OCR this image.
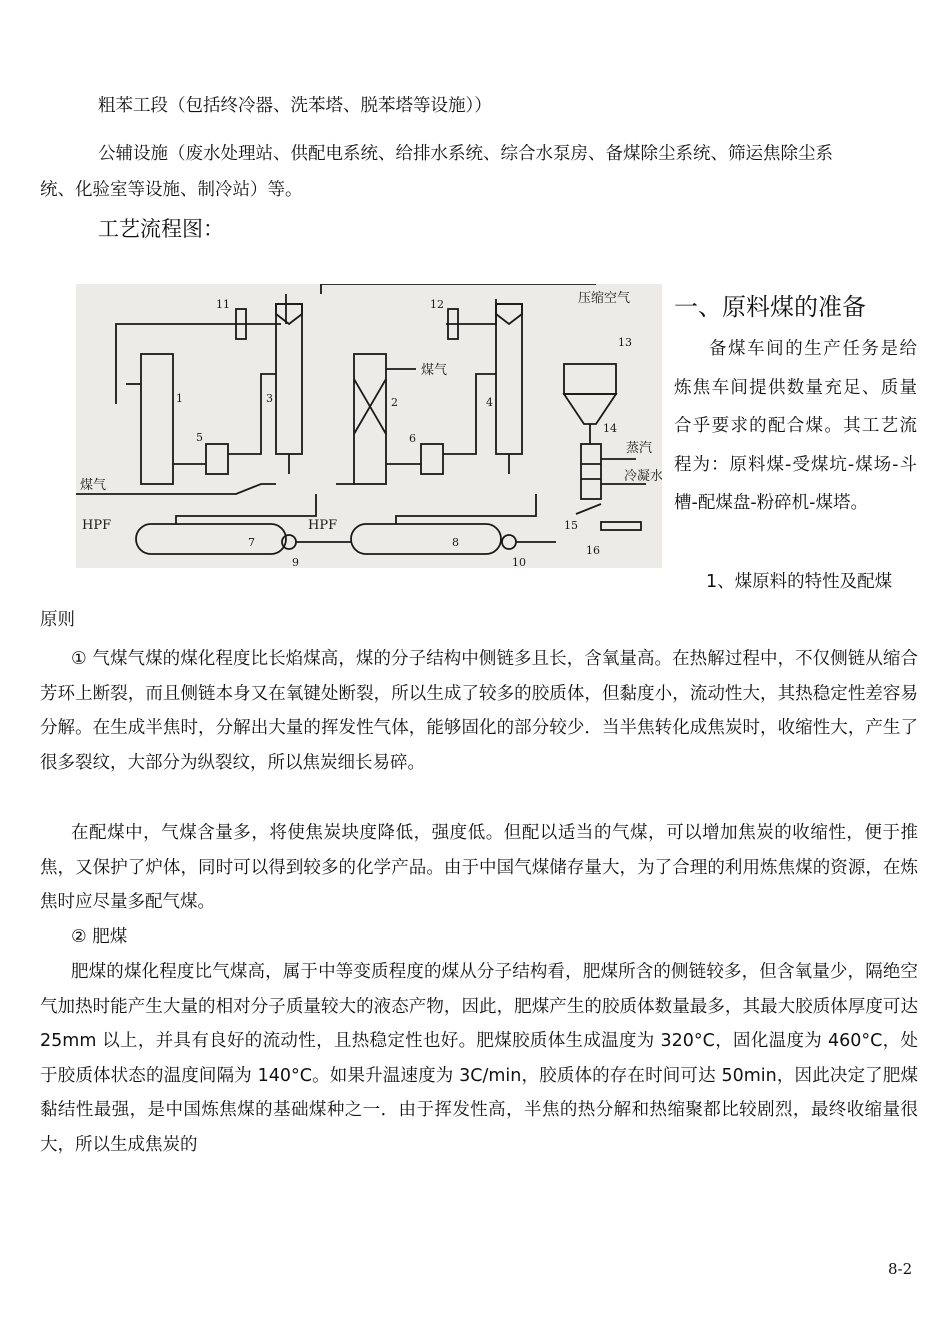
粗苯工段（包括终冷器、洗苯塔、脱苯塔等设施））
公辅设施（废水处理站、供配电系统、给排水系统、综合水泵房、备煤除尘系统、筛运焦除尘系
统、化验室等设施、制冷站）等。
工艺流程图：
压缩空气
煤气
煤气
蒸汽
冷凝水
HPF	HPF
1	2
3	4
5	6
7	8
9	10
11	12
13
14
15
16
一、原料煤的准备
备煤车间的生产任务是给炼焦车间提供数量充足、质量合乎要求的配合煤。其工艺流程为：原料煤-受煤坑-煤场-斗槽-配煤盘-粉碎机-煤塔。
1、煤原料的特性及配煤
原则
① 气煤气煤的煤化程度比长焰煤高，煤的分子结构中侧链多且长，含氧量高。在热解过程中，不仅侧链从缩合芳环上断裂，而且侧链本身又在氧键处断裂，所以生成了较多的胶质体，但黏度小，流动性大，其热稳定性差容易分解。在生成半焦时，分解出大量的挥发性气体，能够固化的部分较少．当半焦转化成焦炭时，收缩性大，产生了很多裂纹，大部分为纵裂纹，所以焦炭细长易碎。
在配煤中，气煤含量多，将使焦炭块度降低，强度低。但配以适当的气煤，可以增加焦炭的收缩性，便于推焦，又保护了炉体，同时可以得到较多的化学产品。由于中国气煤储存量大，为了合理的利用炼焦煤的资源，在炼焦时应尽量多配气煤。
② 肥煤
肥煤的煤化程度比气煤高，属于中等变质程度的煤从分子结构看，肥煤所含的侧链较多，但含氧量少，隔绝空气加热时能产生大量的相对分子质量较大的液态产物，因此，肥煤产生的胶质体数量最多，其最大胶质体厚度可达 25mm 以上，并具有良好的流动性，且热稳定性也好。肥煤胶质体生成温度为 320°C，固化温度为 460°C，处于胶质体状态的温度间隔为 140°C。如果升温速度为 3C/min，胶质体的存在时间可达 50min，因此决定了肥煤黏结性最强，是中国炼焦煤的基础煤种之一．由于挥发性高，半焦的热分解和热缩聚都比较剧烈，最终收缩量很大，所以生成焦炭的
8-2
